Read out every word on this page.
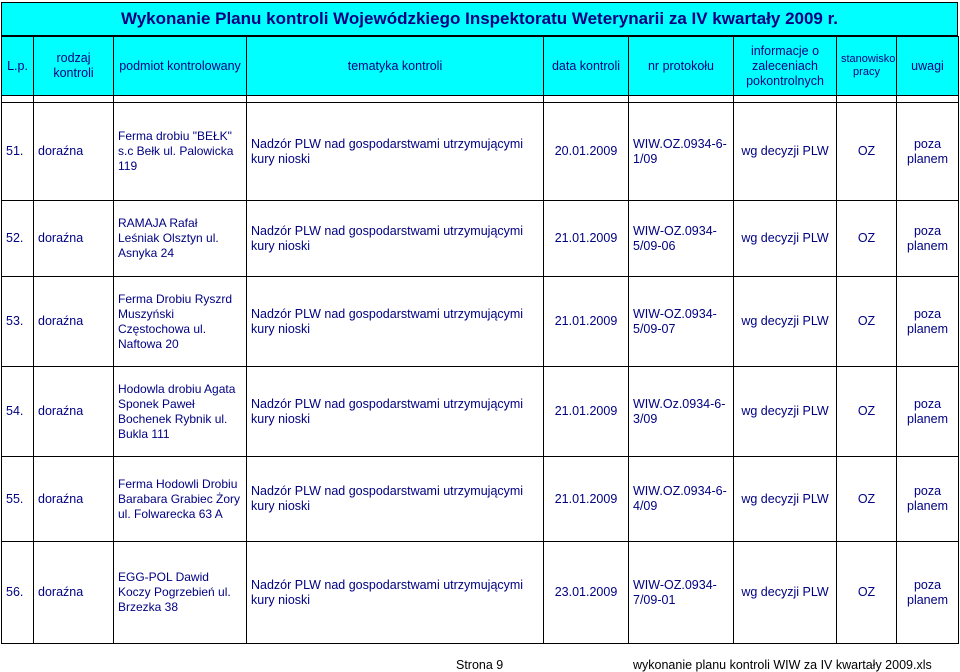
Wykonanie Planu kontroli Wojewódzkiego Inspektoratu Weterynarii za IV kwartały 2009 r.
L.p.	rodzaj kontroli	podmiot kontrolowany	tematyka kontroli	data kontroli	nr protokołu	informacje o zaleceniach pokontrolnych	stanowisko pracy	uwagi

51.	doraźna	Ferma drobiu "BEŁK" s.c Bełk ul. Palowicka 119	Nadzór PLW nad gospodarstwami utrzymującymi kury nioski	20.01.2009	WIW.OZ.0934-6-1/09	wg decyzji PLW	OZ	poza planem
52.	doraźna	RAMAJA Rafał Leśniak Olsztyn ul. Asnyka 24	Nadzór PLW nad gospodarstwami utrzymującymi kury nioski	21.01.2009	WIW-OZ.0934-5/09-06	wg decyzji PLW	OZ	poza planem
53.	doraźna	Ferma Drobiu Ryszrd Muszyński Częstochowa ul. Naftowa 20	Nadzór PLW nad gospodarstwami utrzymującymi kury nioski	21.01.2009	WIW-OZ.0934-5/09-07	wg decyzji PLW	OZ	poza planem
54.	doraźna	Hodowla drobiu Agata Sponek Paweł Bochenek Rybnik ul. Bukla 111	Nadzór PLW nad gospodarstwami utrzymującymi kury nioski	21.01.2009	WIW.Oz.0934-6-3/09	wg decyzji PLW	OZ	poza planem
55.	doraźna	Ferma Hodowli Drobiu Barabara Grabiec Żory ul. Folwarecka 63 A	Nadzór PLW nad gospodarstwami utrzymującymi kury nioski	21.01.2009	WIW.OZ.0934-6-4/09	wg decyzji PLW	OZ	poza planem
56.	doraźna	EGG-POL Dawid Koczy Pogrzebień ul. Brzezka 38	Nadzór PLW nad gospodarstwami utrzymującymi kury nioski	23.01.2009	WIW-OZ.0934-7/09-01	wg decyzji PLW	OZ	poza planem
Strona 9	wykonanie planu kontroli WIW za IV kwartały 2009.xls
